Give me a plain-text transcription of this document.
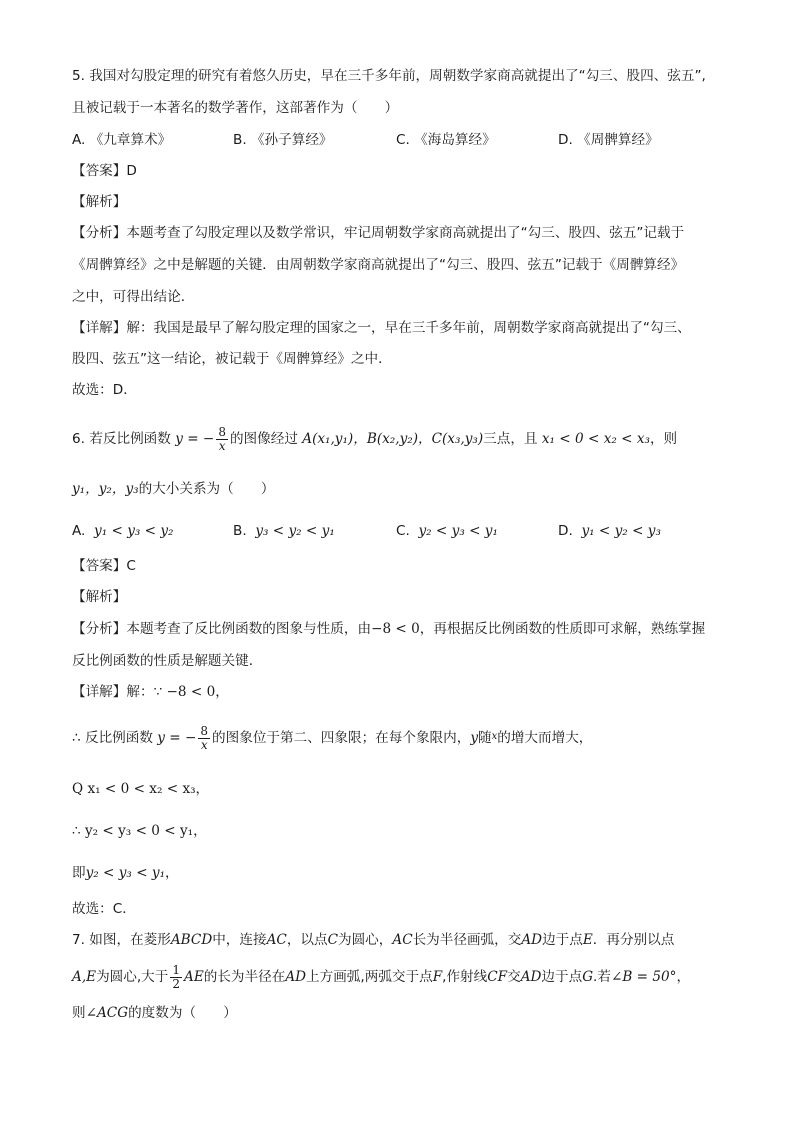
5. 我国对勾股定理的研究有着悠久历史，早在三千多年前，周朝数学家商高就提出了“勾三、股四、弦五”,
且被记载于一本著名的数学著作，这部著作为（　　）
A. 《九章算术》	B. 《孙子算经》	C. 《海岛算经》	D. 《周髀算经》
【答案】D
【解析】
【分析】本题考查了勾股定理以及数学常识，牢记周朝数学家商高就提出了“勾三、股四、弦五”记载于
《周髀算经》之中是解题的关键．由周朝数学家商高就提出了“勾三、股四、弦五”记载于《周髀算经》
之中，可得出结论．
【详解】解：我国是最早了解勾股定理的国家之一，早在三千多年前，周朝数学家商高就提出了“勾三、
股四、弦五”这一结论，被记载于《周髀算经》之中．
故选：D．
6. 若反比例函数 y = − $\frac{8}{x}$ 的图像经过 A(x₁,y₁)，B(x₂,y₂)，C(x₃,y₃)三点，且 x₁ < 0 < x₂ < x₃，则
y₁，y₂，y₃的大小关系为（　　）
A. y₁ < y₃ < y₂	B. y₃ < y₂ < y₁	C. y₂ < y₃ < y₁	D. y₁ < y₂ < y₃
【答案】C
【解析】
【分析】本题考查了反比例函数的图象与性质，由−8 < 0，再根据反比例函数的性质即可求解，熟练掌握
反比例函数的性质是解题关键．
【详解】解：∵ −8 < 0，
∴ 反比例函数 y = − $\frac{8}{x}$ 的图象位于第二、四象限；在每个象限内，y随$^x$的增大而增大，
Q x₁ < 0 < x₂ < x₃，
∴ y₂ < y₃ < 0 < y₁，
即y₂ < y₃ < y₁，
故选：C．
7. 如图，在菱形ABCD中，连接AC，以点C为圆心，AC长为半径画弧，交AD边于点E．再分别以点
A,E为圆心,大于 $\frac{1}{2}$ AE的长为半径在AD上方画弧,两弧交于点F,作射线CF交AD边于点G.若∠B = 50°，
则∠ACG的度数为（　　）
